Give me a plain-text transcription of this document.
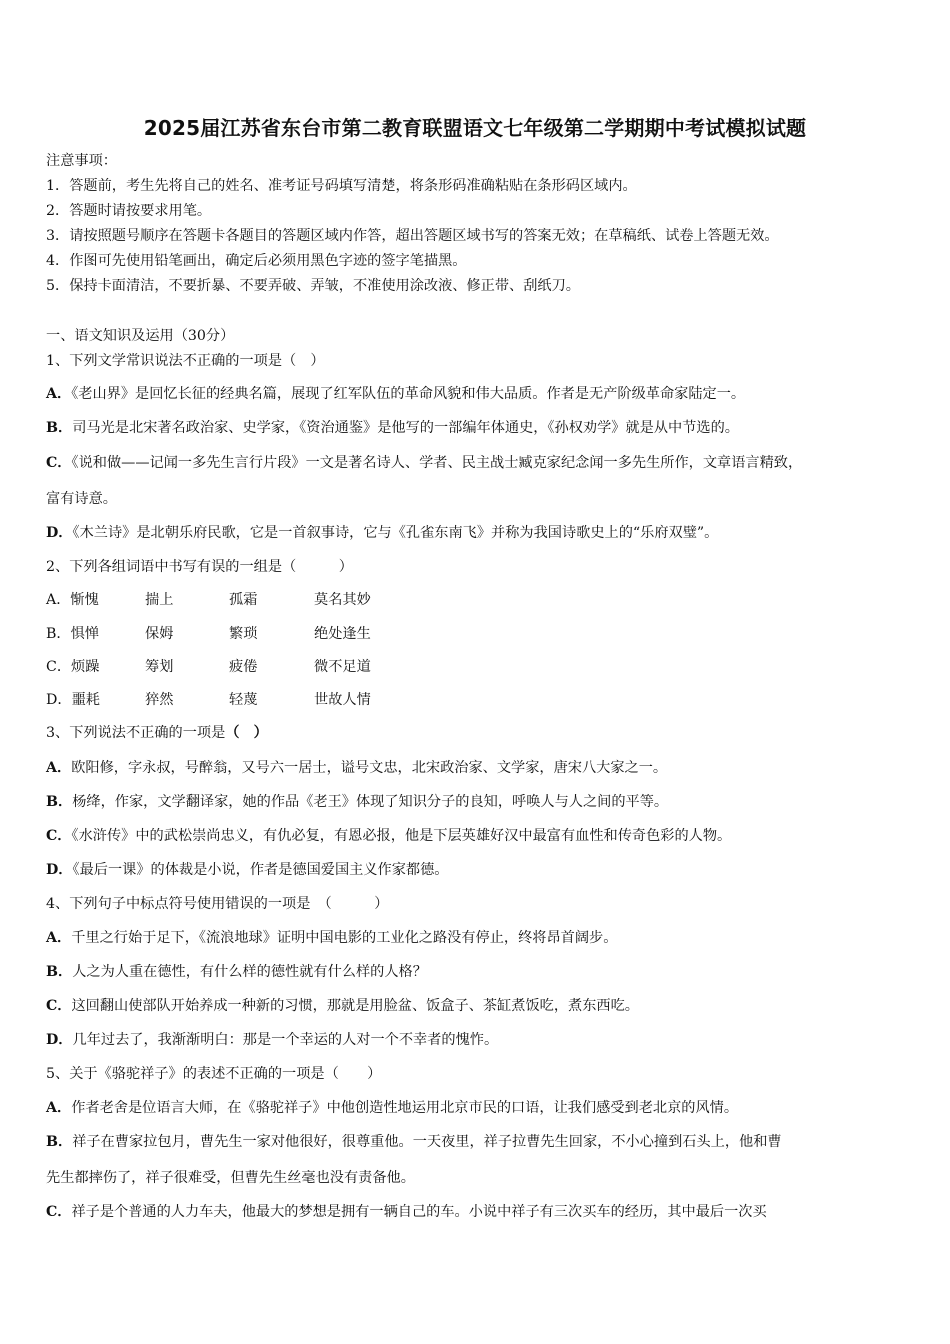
2025届江苏省东台市第二教育联盟语文七年级第二学期期中考试模拟试题
注意事项：
1．答题前，考生先将自己的姓名、准考证号码填写清楚，将条形码准确粘贴在条形码区域内。
2．答题时请按要求用笔。
3．请按照题号顺序在答题卡各题目的答题区域内作答，超出答题区域书写的答案无效；在草稿纸、试卷上答题无效。
4．作图可先使用铅笔画出，确定后必须用黑色字迹的签字笔描黑。
5．保持卡面清洁，不要折暴、不要弄破、弄皱，不准使用涂改液、修正带、刮纸刀。
一、语文知识及运用（30分）
1、下列文学常识说法不正确的一项是（　）
A．《老山界》是回忆长征的经典名篇，展现了红军队伍的革命风貌和伟大品质。作者是无产阶级革命家陆定一。
B．司马光是北宋著名政治家、史学家，《资治通鉴》是他写的一部编年体通史，《孙权劝学》就是从中节选的。
C．《说和做——记闻一多先生言行片段》一文是著名诗人、学者、民主战士臧克家纪念闻一多先生所作，文章语言精致，
富有诗意。
D．《木兰诗》是北朝乐府民歌，它是一首叙事诗，它与《孔雀东南飞》并称为我国诗歌史上的“乐府双璧”。
2、下列各组词语中书写有误的一组是（　　　）
A．惭愧	揣上	孤霜	莫名其妙
B．惧惮	保姆	繁琐	绝处逢生
C．烦躁	筹划	疲倦	微不足道
D．噩耗	猝然	轻蔑	世故人情
3、下列说法不正确的一项是（　）
A．欧阳修，字永叔，号醉翁，又号六一居士，谥号文忠，北宋政治家、文学家，唐宋八大家之一。
B．杨绛，作家，文学翻译家，她的作品《老王》体现了知识分子的良知，呼唤人与人之间的平等。
C．《水浒传》中的武松崇尚忠义，有仇必复，有恩必报，他是下层英雄好汉中最富有血性和传奇色彩的人物。
D．《最后一课》的体裁是小说，作者是德国爱国主义作家都德。
4、下列句子中标点符号使用错误的一项是　（　　　）
A．千里之行始于足下，《流浪地球》证明中国电影的工业化之路没有停止，终将昂首阔步。
B．人之为人重在德性，有什么样的德性就有什么样的人格？
C．这回翻山使部队开始养成一种新的习惯，那就是用脸盆、饭盒子、茶缸煮饭吃，煮东西吃。
D．几年过去了，我渐渐明白：那是一个幸运的人对一个不幸者的愧怍。
5、关于《骆驼祥子》的表述不正确的一项是（　　）
A．作者老舍是位语言大师，在《骆驼祥子》中他创造性地运用北京市民的口语，让我们感受到老北京的风情。
B．祥子在曹家拉包月，曹先生一家对他很好，很尊重他。一天夜里，祥子拉曹先生回家，不小心撞到石头上，他和曹
先生都摔伤了，祥子很难受，但曹先生丝毫也没有责备他。
C．祥子是个普通的人力车夫，他最大的梦想是拥有一辆自己的车。小说中祥子有三次买车的经历，其中最后一次买
